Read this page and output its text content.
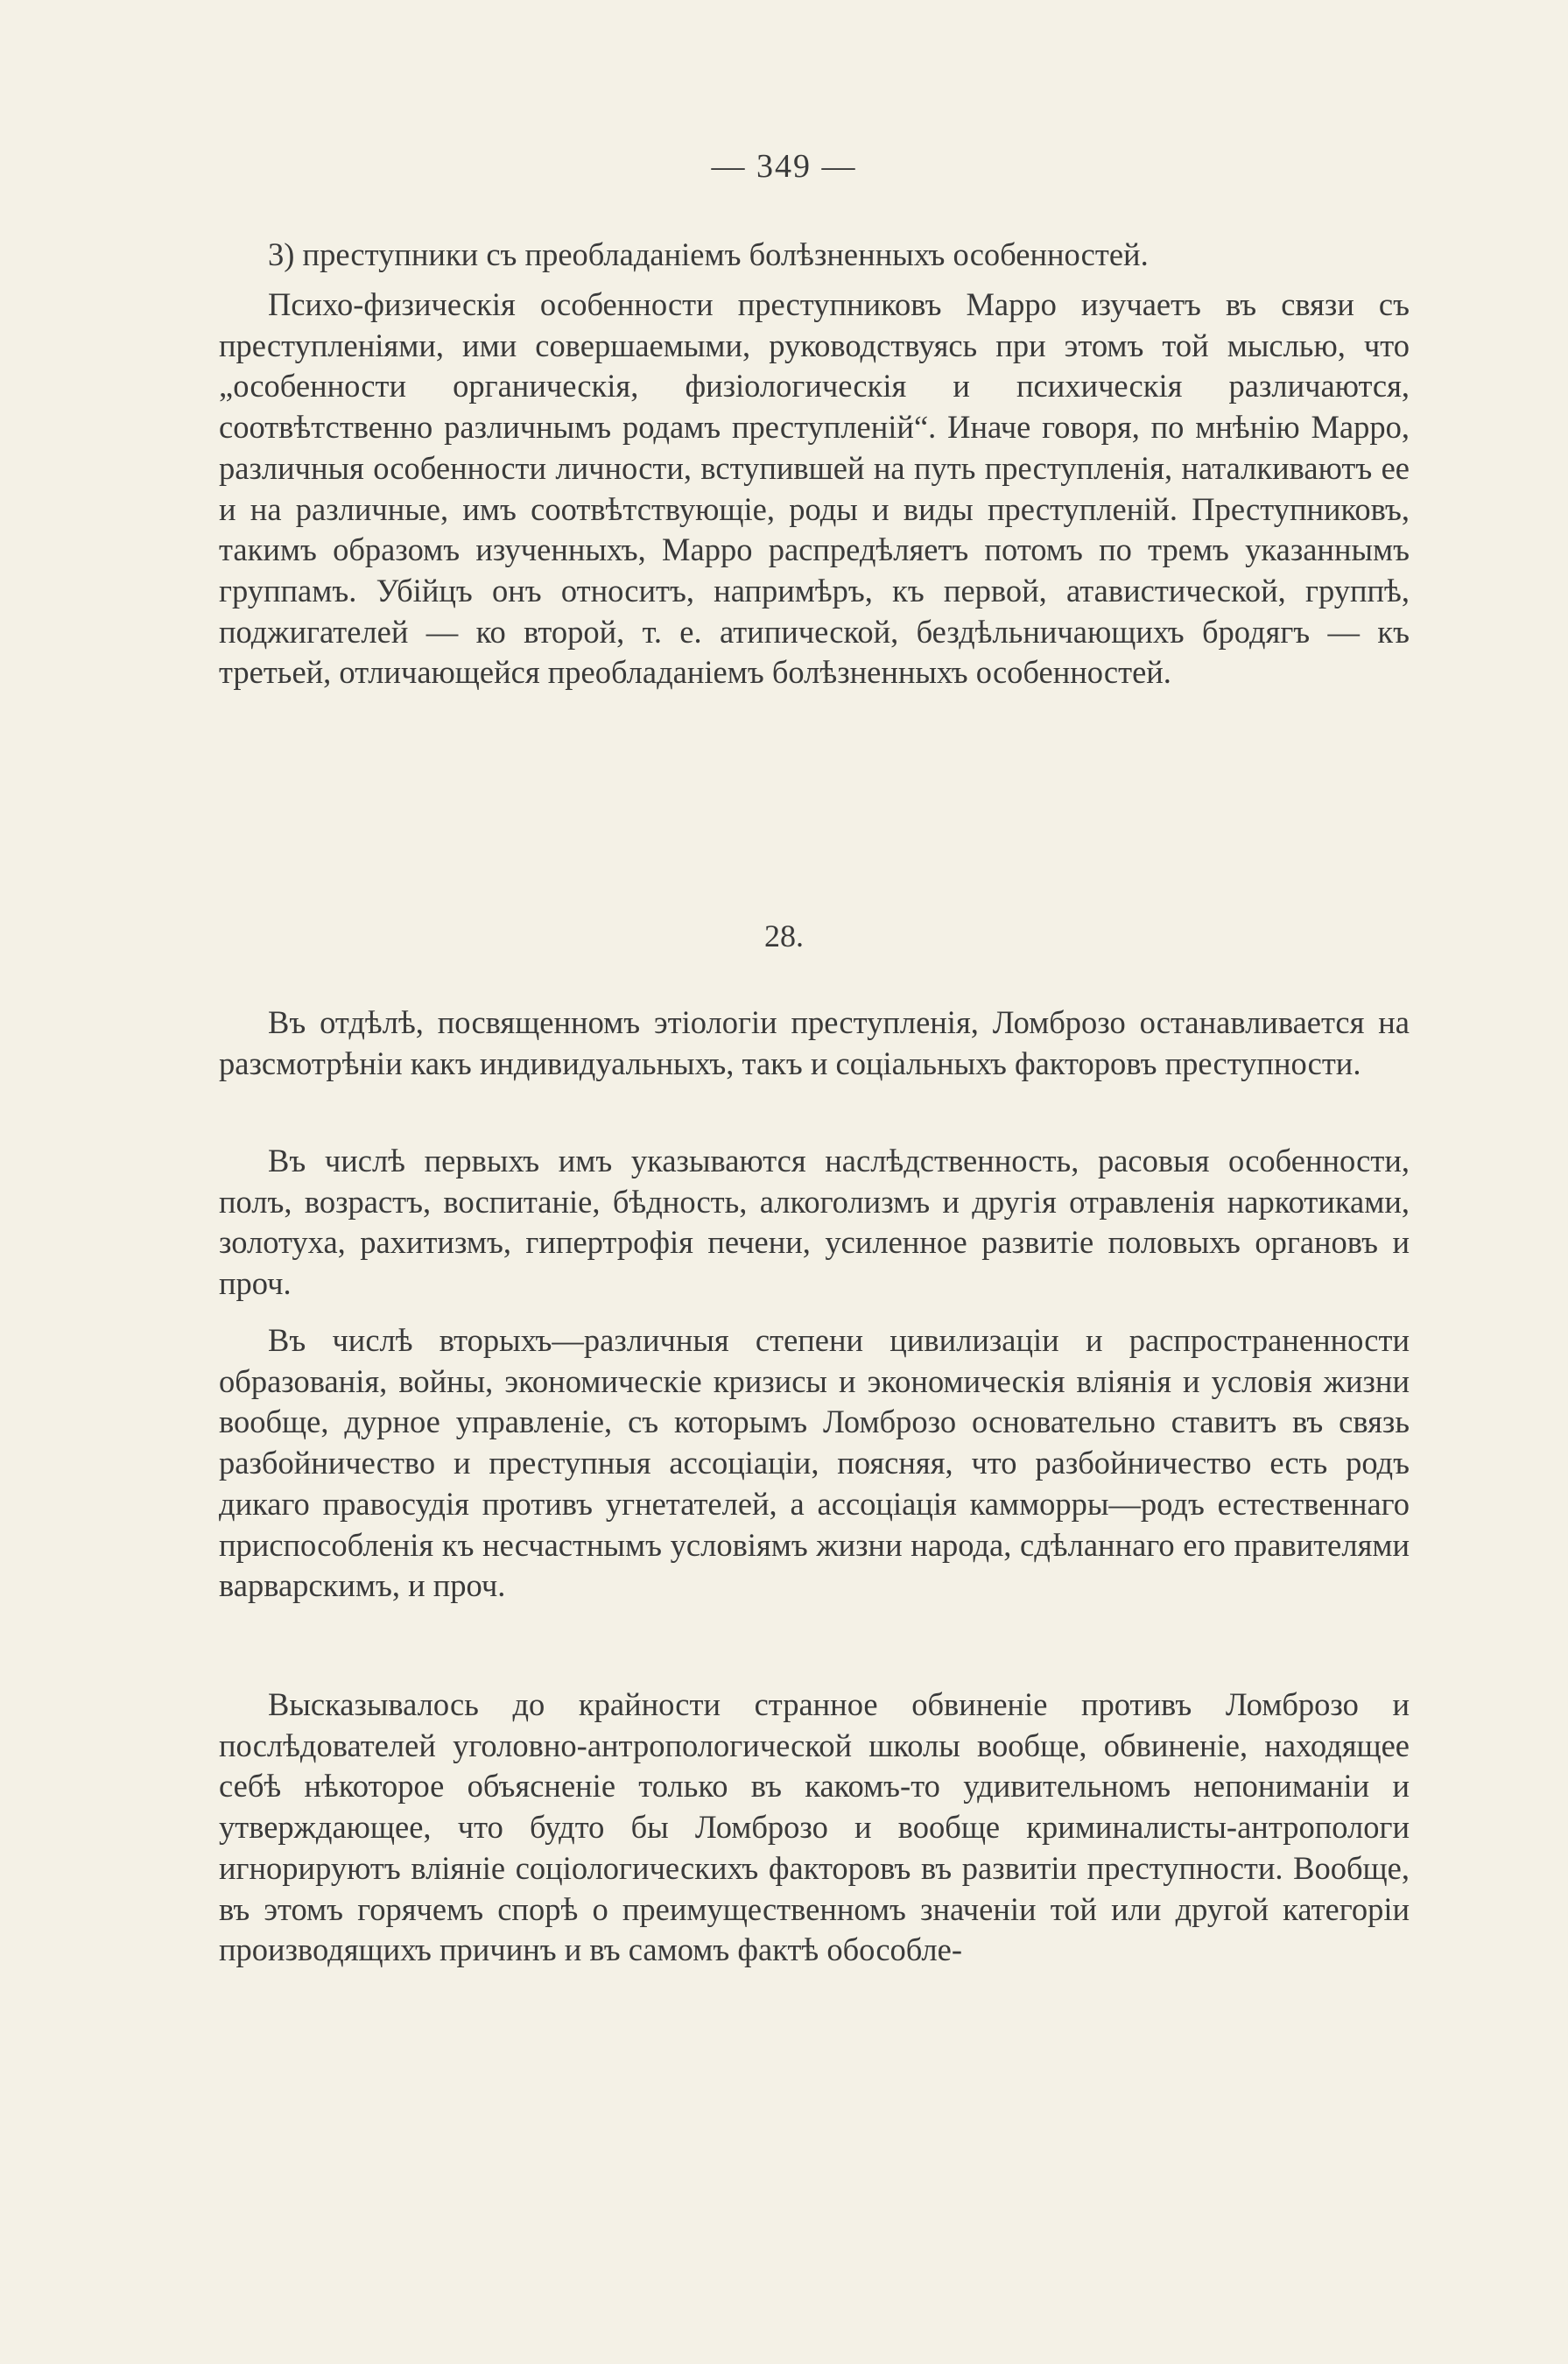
— 349 —

3) преступники съ преобладаніемъ болѣзненныхъ особенностей.

Психо-физическія особенности преступниковъ Марро изучаетъ въ связи съ преступленіями, ими совершаемыми, руководствуясь при этомъ той мыслью, что „особенности органическія, физіологическія и психическія различаются, соотвѣтственно различнымъ родамъ преступленій“. Иначе говоря, по мнѣнію Марро, различныя особенности личности, вступившей на путь преступленія, наталкиваютъ ее и на различные, имъ соотвѣтствующіе, роды и виды преступленій. Преступниковъ, такимъ образомъ изученныхъ, Марро распредѣляетъ потомъ по тремъ указаннымъ группамъ. Убійцъ онъ относитъ, напримѣръ, къ первой, атавистической, группѣ, поджигателей — ко второй, т. е. атипической, бездѣльничающихъ бродягъ — къ третьей, отличающейся преобладаніемъ болѣзненныхъ особенностей.

28.

Въ отдѣлѣ, посвященномъ этіологіи преступленія, Ломброзо останавливается на разсмотрѣніи какъ индивидуальныхъ, такъ и соціальныхъ факторовъ преступности.

Въ числѣ первыхъ имъ указываются наслѣдственность, расовыя особенности, полъ, возрастъ, воспитаніе, бѣдность, алкоголизмъ и другія отравленія наркотиками, золотуха, рахитизмъ, гипертрофія печени, усиленное развитіе половыхъ органовъ и проч.

Въ числѣ вторыхъ—различныя степени цивилизаціи и распространенности образованія, войны, экономическіе кризисы и экономическія вліянія и условія жизни вообще, дурное управленіе, съ которымъ Ломброзо основательно ставитъ въ связь разбойничество и преступныя ассоціаціи, поясняя, что разбойничество есть родъ дикаго правосудія противъ угнетателей, а ассоціація камморры—родъ естественнаго приспособленія къ несчастнымъ условіямъ жизни народа, сдѣланнаго его правителями варварскимъ, и проч.

Высказывалось до крайности странное обвиненіе противъ Ломброзо и послѣдователей уголовно-антропологической школы вообще, обвиненіе, находящее себѣ нѣкоторое объясненіе только въ какомъ-то удивительномъ непониманіи и утверждающее, что будто бы Ломброзо и вообще криминалисты-антропологи игнорируютъ вліяніе соціологическихъ факторовъ въ развитіи преступности. Вообще, въ этомъ горячемъ спорѣ о преимущественномъ значеніи той или другой категоріи производящихъ причинъ и въ самомъ фактѣ обособле-
